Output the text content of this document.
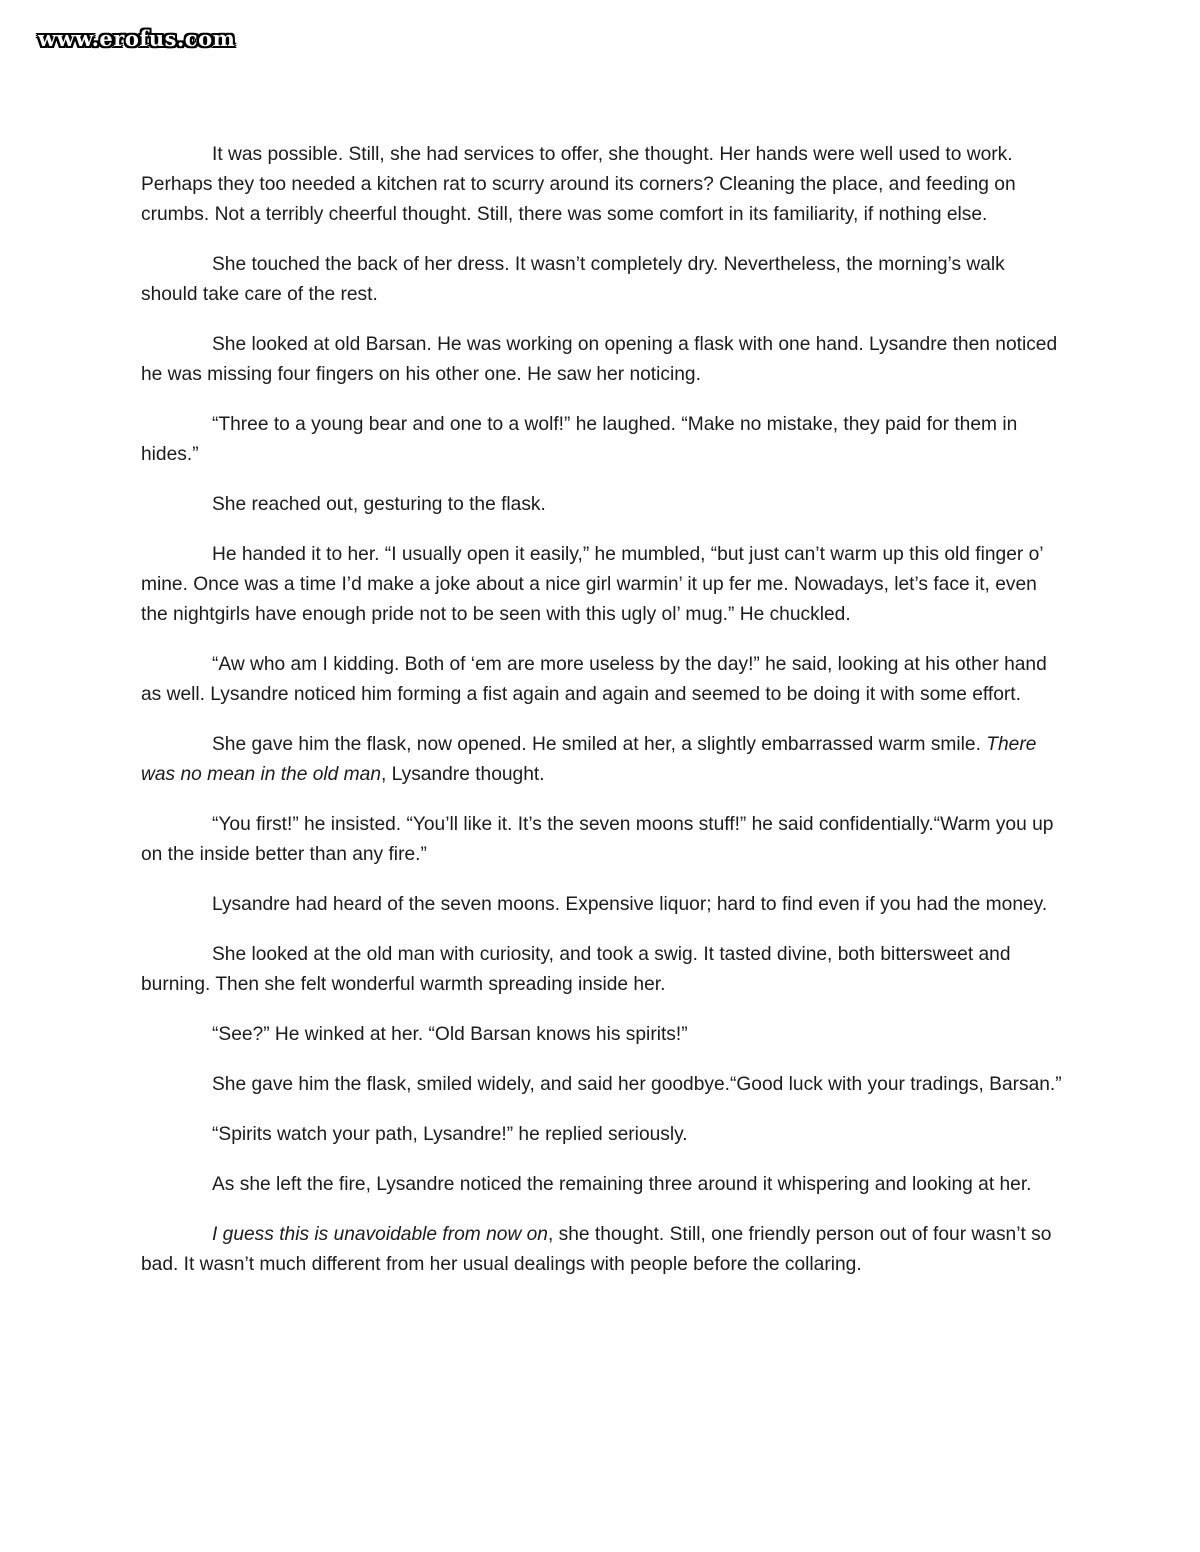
www.erofus.com

It was possible. Still, she had services to offer, she thought. Her hands were well used to work. Perhaps they too needed a kitchen rat to scurry around its corners? Cleaning the place, and feeding on crumbs. Not a terribly cheerful thought. Still, there was some comfort in its familiarity, if nothing else.

She touched the back of her dress. It wasn’t completely dry. Nevertheless, the morning’s walk should take care of the rest.

She looked at old Barsan. He was working on opening a flask with one hand. Lysandre then noticed he was missing four fingers on his other one. He saw her noticing.

“Three to a young bear and one to a wolf!” he laughed. “Make no mistake, they paid for them in hides.”

She reached out, gesturing to the flask.

He handed it to her. “I usually open it easily,” he mumbled, “but just can’t warm up this old finger o’ mine. Once was a time I’d make a joke about a nice girl warmin’ it up fer me. Nowadays, let’s face it, even the nightgirls have enough pride not to be seen with this ugly ol’ mug.” He chuckled.

“Aw who am I kidding. Both of ‘em are more useless by the day!” he said, looking at his other hand as well. Lysandre noticed him forming a fist again and again and seemed to be doing it with some effort.

She gave him the flask, now opened. He smiled at her, a slightly embarrassed warm smile. There was no mean in the old man, Lysandre thought.

“You first!” he insisted. “You’ll like it. It’s the seven moons stuff!” he said confidentially.“Warm you up on the inside better than any fire.”

Lysandre had heard of the seven moons. Expensive liquor; hard to find even if you had the money.

She looked at the old man with curiosity, and took a swig. It tasted divine, both bittersweet and burning. Then she felt wonderful warmth spreading inside her.

“See?” He winked at her. “Old Barsan knows his spirits!”

She gave him the flask, smiled widely, and said her goodbye.“Good luck with your tradings, Barsan.”

“Spirits watch your path, Lysandre!” he replied seriously.

As she left the fire, Lysandre noticed the remaining three around it whispering and looking at her.

I guess this is unavoidable from now on, she thought. Still, one friendly person out of four wasn’t so bad. It wasn’t much different from her usual dealings with people before the collaring.
